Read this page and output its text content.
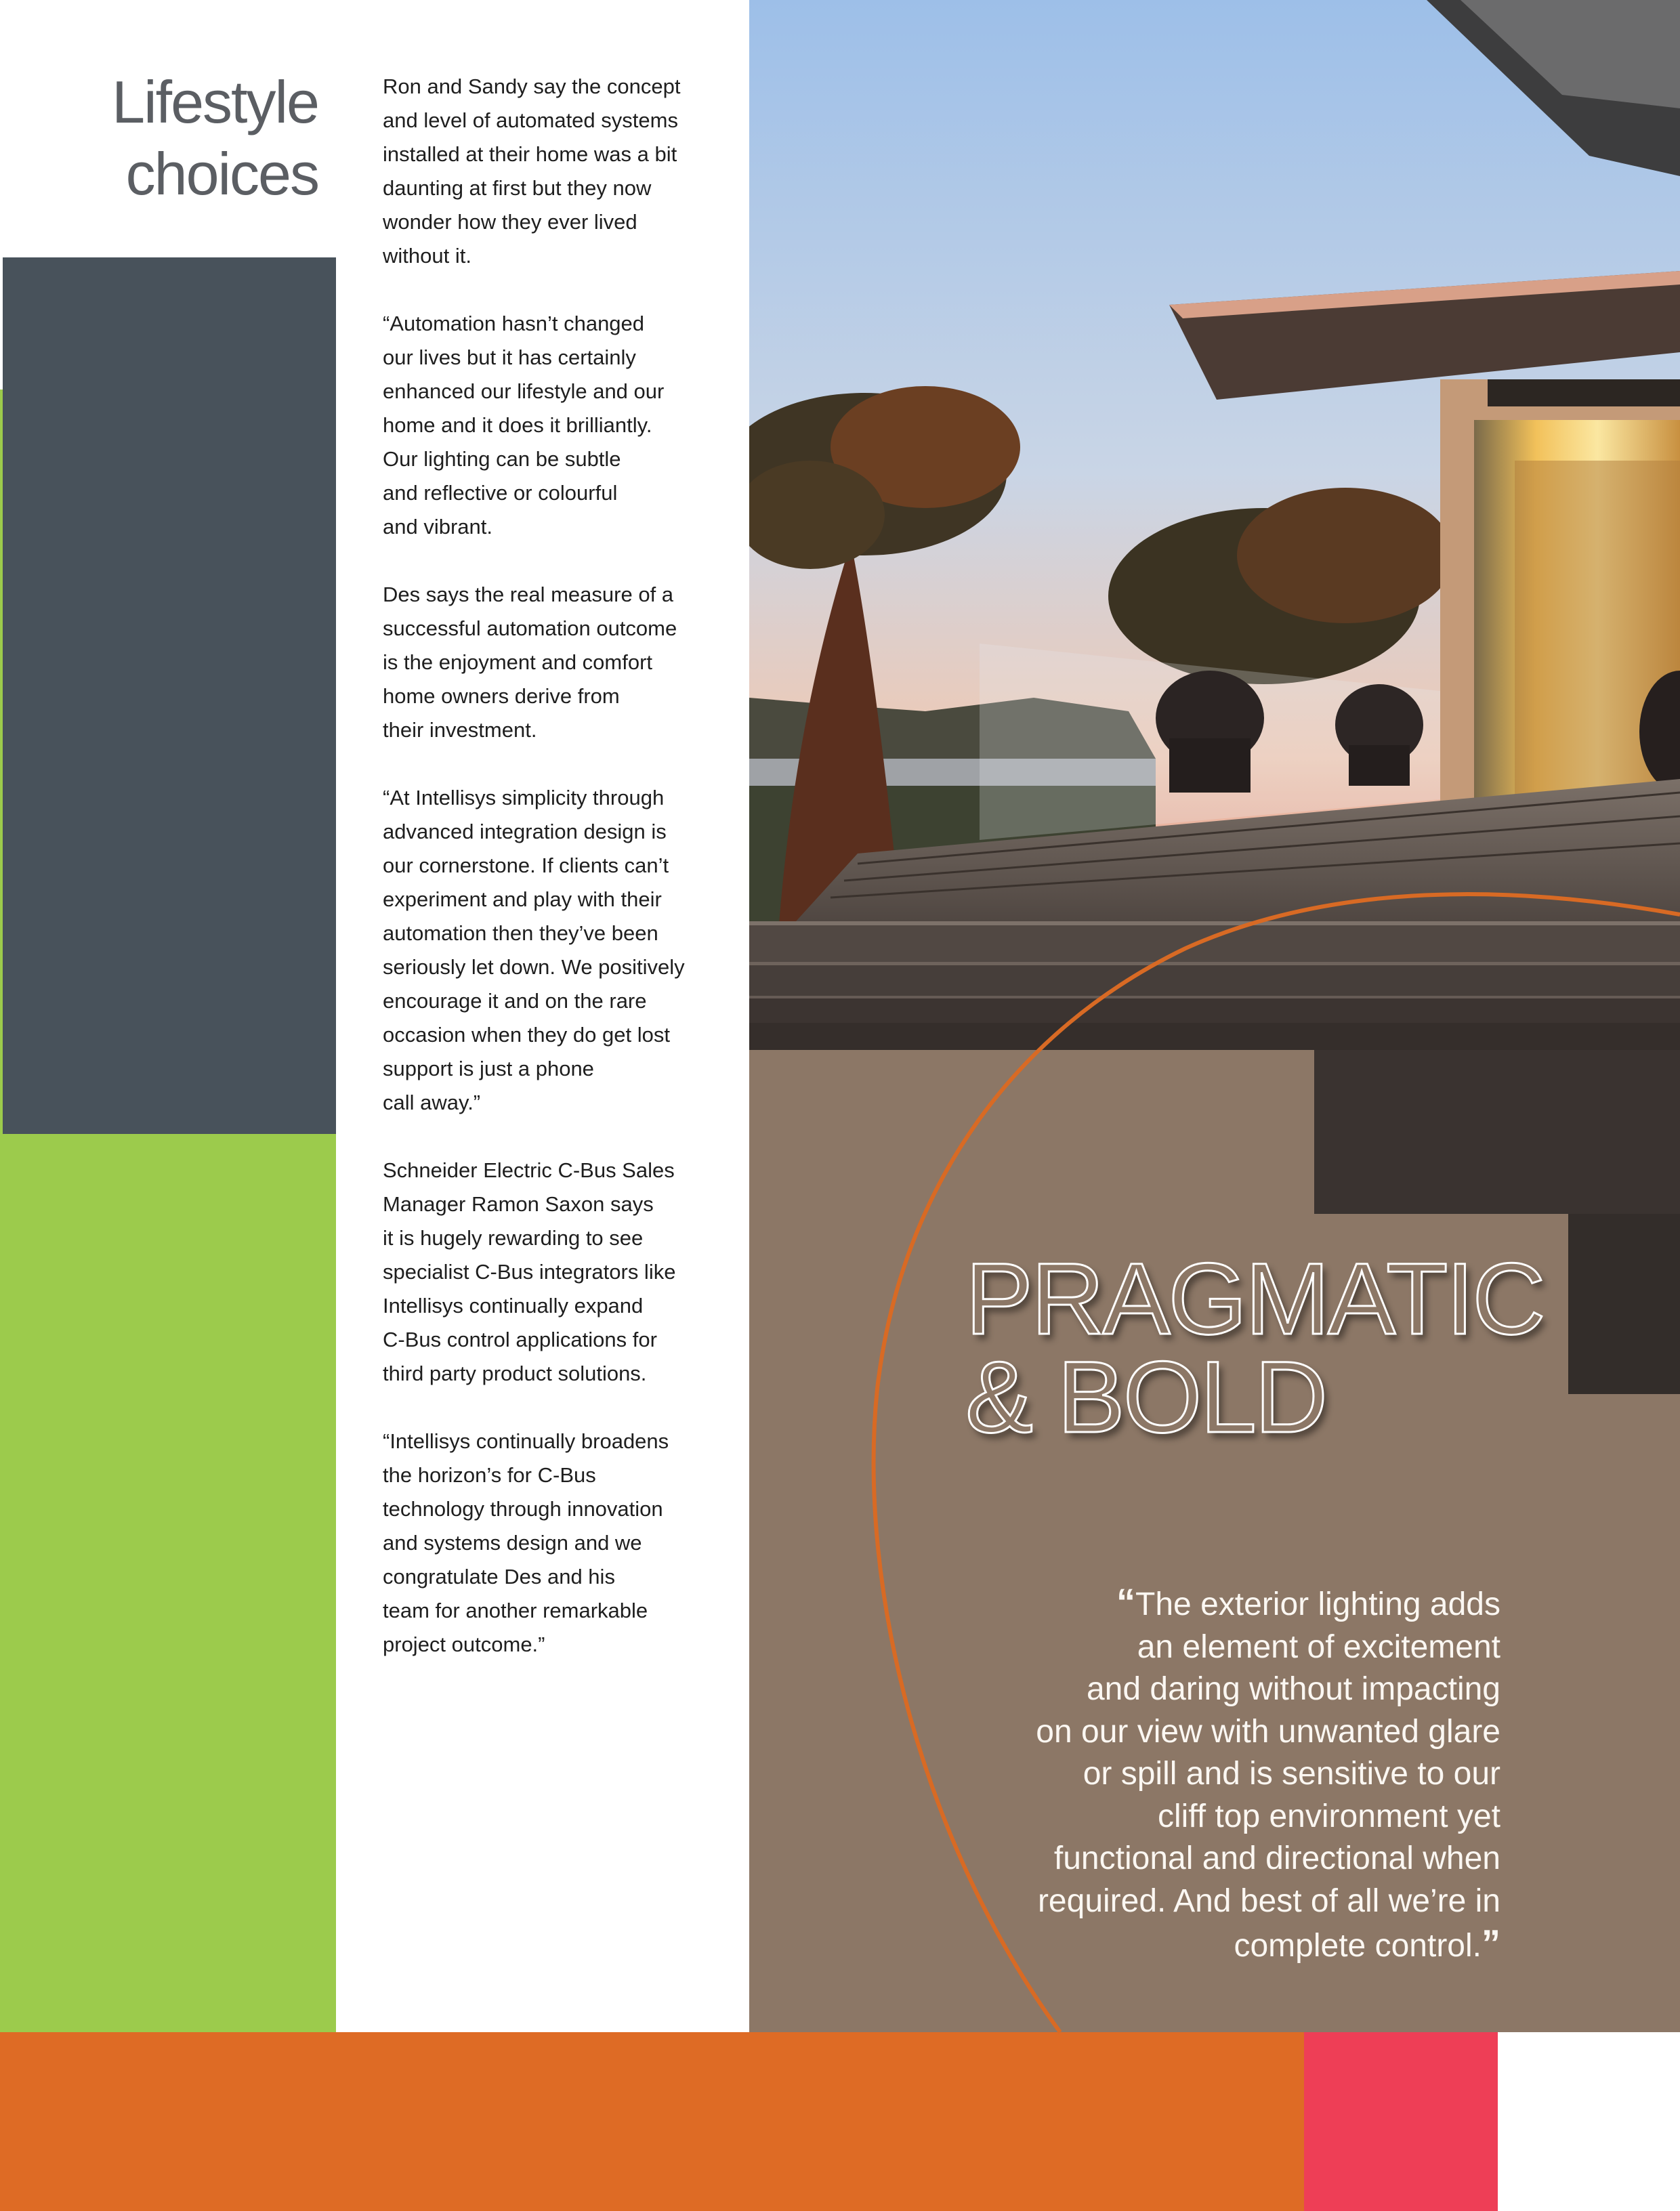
Lifestyle
choices

Ron and Sandy say the concept
and level of automated systems
installed at their home was a bit
daunting at first but they now
wonder how they ever lived
without it.

“Automation hasn’t changed
our lives but it has certainly
enhanced our lifestyle and our
home and it does it brilliantly.
Our lighting can be subtle
and reflective or colourful
and vibrant.

Des says the real measure of a
successful automation outcome
is the enjoyment and comfort
home owners derive from
their investment.

“At Intellisys simplicity through
advanced integration design is
our cornerstone. If clients can’t
experiment and play with their
automation then they’ve been
seriously let down. We positively
encourage it and on the rare
occasion when they do get lost
support is just a phone
call away.”

Schneider Electric C-Bus Sales
Manager Ramon Saxon says
it is hugely rewarding to see
specialist C-Bus integrators like
Intellisys continually expand
C-Bus control applications for
third party product solutions.

“Intellisys continually broadens
the horizon’s for C-Bus
technology through innovation
and systems design and we
congratulate Des and his
team for another remarkable
project outcome.”

PRAGMATIC
& BOLD
“The exterior lighting adds
an element of excitement
and daring without impacting
on our view with unwanted glare
or spill and is sensitive to our
cliff top environment yet
functional and directional when
required. And best of all we’re in
complete control.”
